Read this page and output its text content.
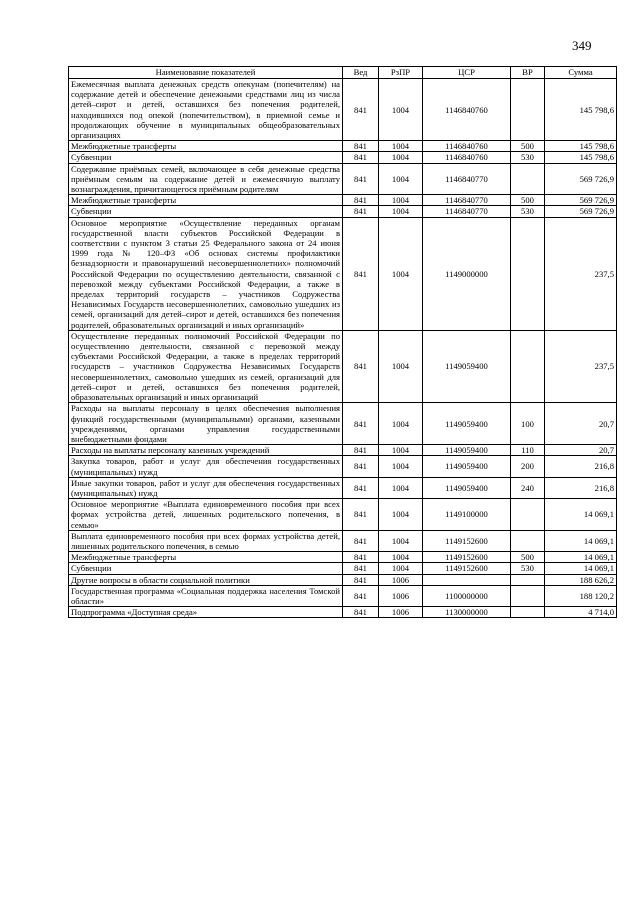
349
Наименование показателей	Вед	РзПР	ЦСР	ВР	Сумма
Ежемесячная выплата денежных средств опекунам (попечителям) на содержание детей и обеспечение денежными средствами лиц из числа детей–сирот и детей, оставшихся без попечения родителей, находившихся под опекой (попечительством), в приемной семье и продолжающих обучение в муниципальных общеобразовательных организациях	841	1004	1146840760		145 798,6
Межбюджетные трансферты	841	1004	1146840760	500	145 798,6
Субвенции	841	1004	1146840760	530	145 798,6
Содержание приёмных семей, включающее в себя денежные средства приёмным семьям на содержание детей и ежемесячную выплату вознаграждения, причитающегося приёмным родителям	841	1004	1146840770		569 726,9
Межбюджетные трансферты	841	1004	1146840770	500	569 726,9
Субвенции	841	1004	1146840770	530	569 726,9
Основное мероприятие «Осуществление переданных органам государственной власти субъектов Российской Федерации в соответствии с пунктом 3 статьи 25 Федерального закона от 24 июня 1999 года № 120–ФЗ «Об основах системы профилактики безнадзорности и правонарушений несовершеннолетних» полномочий Российской Федерации по осуществлению деятельности, связанной с перевозкой между субъектами Российской Федерации, а также в пределах территорий государств – участников Содружества Независимых Государств несовершеннолетних, самовольно ушедших из семей, организаций для детей–сирот и детей, оставшихся без попечения родителей, образовательных организаций и иных организаций»	841	1004	1149000000		237,5
Осуществление переданных полномочий Российской Федерации по осуществлению деятельности, связанной с перевозкой между субъектами Российской Федерации, а также в пределах территорий государств – участников Содружества Независимых Государств несовершеннолетних, самовольно ушедших из семей, организаций для детей–сирот и детей, оставшихся без попечения родителей, образовательных организаций и иных организаций	841	1004	1149059400		237,5
Расходы на выплаты персоналу в целях обеспечения выполнения функций государственными (муниципальными) органами, казенными учреждениями, органами управления государственными внебюджетными фондами	841	1004	1149059400	100	20,7
Расходы на выплаты персоналу казенных учреждений	841	1004	1149059400	110	20,7
Закупка товаров, работ и услуг для обеспечения государственных (муниципальных) нужд	841	1004	1149059400	200	216,8
Иные закупки товаров, работ и услуг для обеспечения государственных (муниципальных) нужд	841	1004	1149059400	240	216,8
Основное мероприятие «Выплата единовременного пособия при всех формах устройства детей, лишенных родительского попечения, в семью»	841	1004	1149100000		14 069,1
Выплата единовременного пособия при всех формах устройства детей, лишенных родительского попечения, в семью	841	1004	1149152600		14 069,1
Межбюджетные трансферты	841	1004	1149152600	500	14 069,1
Субвенции	841	1004	1149152600	530	14 069,1
Другие вопросы в области социальной политики	841	1006			188 626,2
Государственная программа «Социальная поддержка населения Томской области»	841	1006	1100000000		188 120,2
Подпрограмма «Доступная среда»	841	1006	1130000000		4 714,0
